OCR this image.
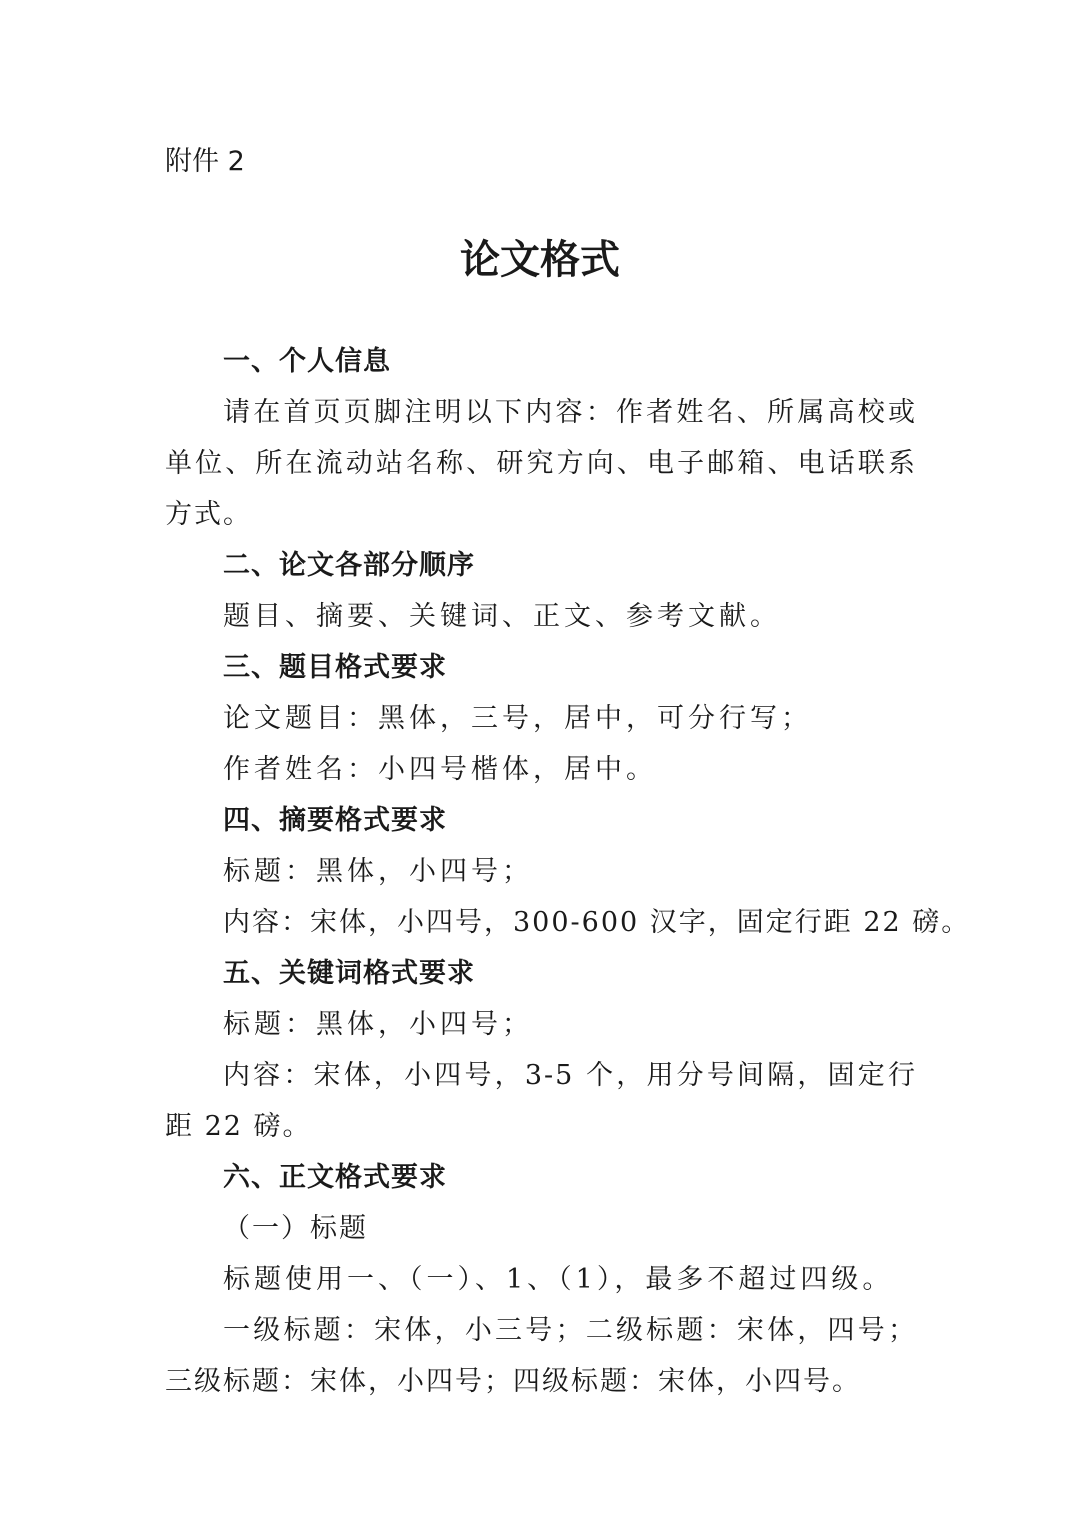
附件 2
论文格式
一、个人信息
请在首页页脚注明以下内容：作者姓名、所属高校或单位、所在流动站名称、研究方向、电子邮箱、电话联系方式。
二、论文各部分顺序
题目、摘要、关键词、正文、参考文献。
三、题目格式要求
论文题目：黑体，三号，居中，可分行写；
作者姓名：小四号楷体，居中。
四、摘要格式要求
标题：黑体，小四号；
内容：宋体，小四号，300-600 汉字，固定行距 22 磅。
五、关键词格式要求
标题：黑体，小四号；
内容：宋体，小四号，3-5 个，用分号间隔，固定行距 22 磅。
六、正文格式要求
（一）标题
标题使用一、（一）、1、（1），最多不超过四级。
一级标题：宋体，小三号；二级标题：宋体，四号；三级标题：宋体，小四号；四级标题：宋体，小四号。
